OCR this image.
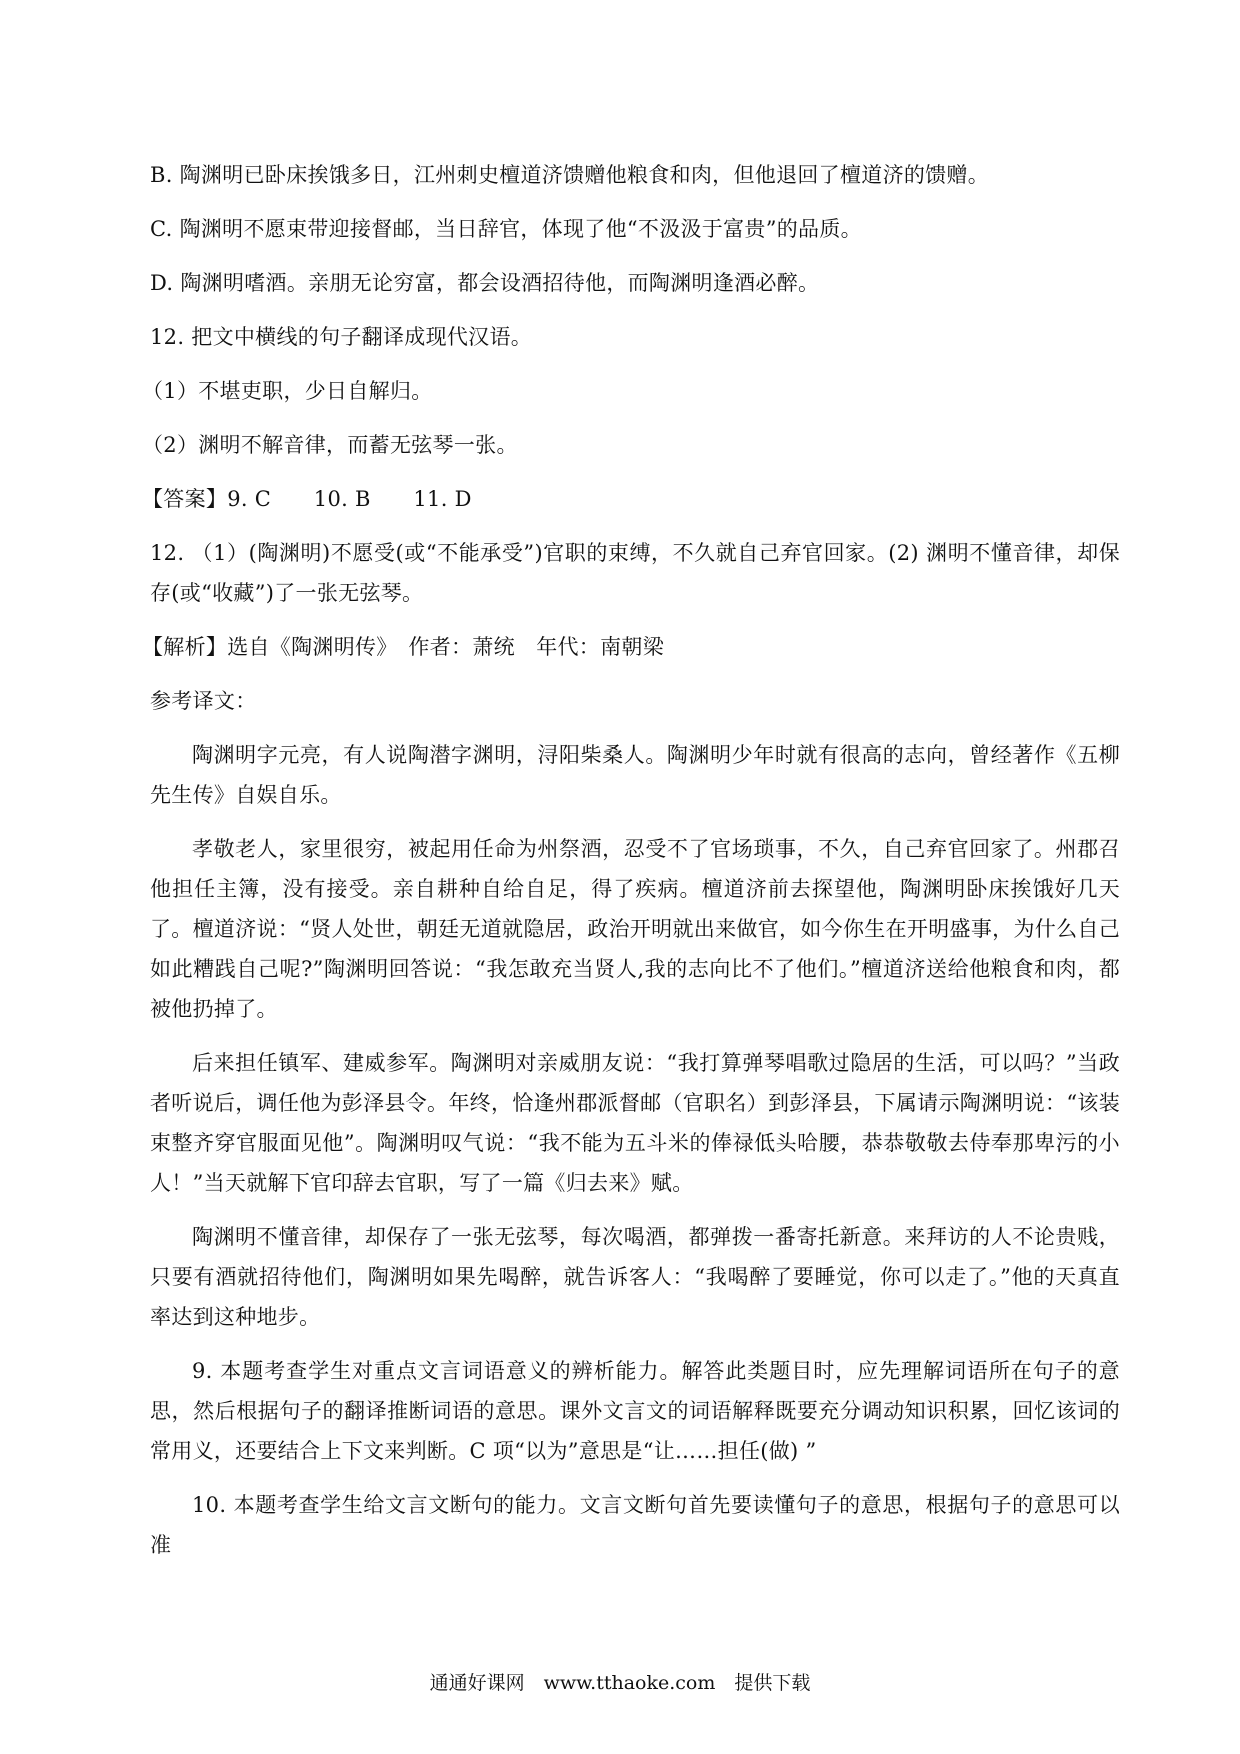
B. 陶渊明已卧床挨饿多日，江州刺史檀道济馈赠他粮食和肉，但他退回了檀道济的馈赠。

C. 陶渊明不愿束带迎接督邮，当日辞官，体现了他“不汲汲于富贵”的品质。

D. 陶渊明嗜酒。亲朋无论穷富，都会设酒招待他，而陶渊明逢酒必醉。

12. 把文中横线的句子翻译成现代汉语。

（1）不堪吏职，少日自解归。

（2）渊明不解音律，而蓄无弦琴一张。

【答案】9. C　　10. B　　11. D

12. （1）(陶渊明)不愿受(或“不能承受”)官职的束缚，不久就自己弃官回家。(2) 渊明不懂音律，却保存(或“收藏”)了一张无弦琴。

【解析】选自《陶渊明传》　作者：萧统　年代：南朝梁

参考译文：

陶渊明字元亮，有人说陶潜字渊明，浔阳柴桑人。陶渊明少年时就有很高的志向，曾经著作《五柳先生传》自娱自乐。

孝敬老人，家里很穷，被起用任命为州祭酒，忍受不了官场琐事，不久，自己弃官回家了。州郡召他担任主簿，没有接受。亲自耕种自给自足，得了疾病。檀道济前去探望他，陶渊明卧床挨饿好几天了。檀道济说：“贤人处世，朝廷无道就隐居，政治开明就出来做官，如今你生在开明盛事，为什么自己如此糟践自己呢?”陶渊明回答说：“我怎敢充当贤人,我的志向比不了他们。”檀道济送给他粮食和肉，都被他扔掉了。

后来担任镇军、建威参军。陶渊明对亲威朋友说：“我打算弹琴唱歌过隐居的生活，可以吗？”当政者听说后，调任他为彭泽县令。年终，恰逢州郡派督邮（官职名）到彭泽县，下属请示陶渊明说：“该装束整齐穿官服面见他”。陶渊明叹气说：“我不能为五斗米的俸禄低头哈腰，恭恭敬敬去侍奉那卑污的小人！”当天就解下官印辞去官职，写了一篇《归去来》赋。

陶渊明不懂音律，却保存了一张无弦琴，每次喝酒，都弹拨一番寄托新意。来拜访的人不论贵贱，只要有酒就招待他们，陶渊明如果先喝醉，就告诉客人：“我喝醉了要睡觉，你可以走了。”他的天真直率达到这种地步。

9. 本题考查学生对重点文言词语意义的辨析能力。解答此类题目时，应先理解词语所在句子的意思，然后根据句子的翻译推断词语的意思。课外文言文的词语解释既要充分调动知识积累，回忆该词的常用义，还要结合上下文来判断。C 项“以为”意思是“让……担任(做) ”

10. 本题考查学生给文言文断句的能力。文言文断句首先要读懂句子的意思，根据句子的意思可以准

通通好课网　www.tthaoke.com　提供下载
